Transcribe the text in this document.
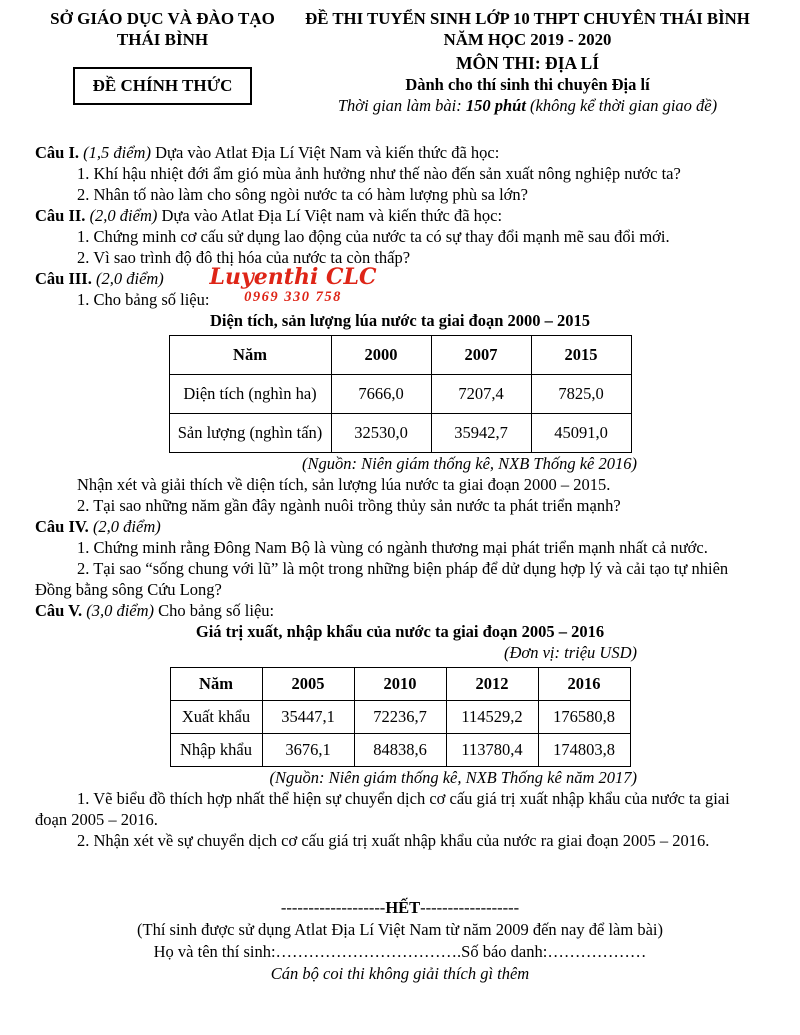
SỞ GIÁO DỤC VÀ ĐÀO TẠO
THÁI BÌNH
ĐỀ CHÍNH THỨC
ĐỀ THI TUYỂN SINH LỚP 10 THPT CHUYÊN THÁI BÌNH
NĂM HỌC 2019 - 2020
MÔN THI: ĐỊA LÍ
Dành cho thí sinh thi chuyên Địa lí
Thời gian làm bài: 150 phút (không kể thời gian giao đề)
Luyenthi CLC
0969 330 758

Câu I. (1,5 điểm) Dựa vào Atlat Địa Lí Việt Nam và kiến thức đã học:

1. Khí hậu nhiệt đới ẩm gió mùa ảnh hưởng như thế nào đến sản xuất nông nghiệp nước ta?

2. Nhân tố nào làm cho sông ngòi nước ta có hàm lượng phù sa lớn?

Câu II. (2,0 điểm) Dựa vào Atlat Địa Lí Việt nam và kiến thức đã học:

1. Chứng minh cơ cấu sử dụng lao động của nước ta có sự thay đổi mạnh mẽ sau đổi mới.

2. Vì sao trình độ đô thị hóa của nước ta còn thấp?

Câu III. (2,0 điểm)

1. Cho bảng số liệu:

Diện tích, sản lượng lúa nước ta giai đoạn 2000 – 2015

Năm	2000	2007	2015
Diện tích (nghìn ha)	7666,0	7207,4	7825,0
Sản lượng (nghìn tấn)	32530,0	35942,7	45091,0

(Nguồn: Niên giám thống kê, NXB Thống kê 2016)

Nhận xét và giải thích về diện tích, sản lượng lúa nước ta giai đoạn 2000 – 2015.

2. Tại sao những năm gần đây ngành nuôi trồng thủy sản nước ta phát triển mạnh?

Câu IV. (2,0 điểm)

1. Chứng minh rằng Đông Nam Bộ là vùng có ngành thương mại phát triển mạnh nhất cả nước.

2. Tại sao “sống chung với lũ” là một trong những biện pháp để dử dụng hợp lý và cải tạo tự nhiên Đồng bằng sông Cứu Long?

Câu V. (3,0 điểm) Cho bảng số liệu:

Giá trị xuất, nhập khẩu của nước ta giai đoạn 2005 – 2016

(Đơn vị: triệu USD)

Năm	2005	2010	2012	2016
Xuất khẩu	35447,1	72236,7	114529,2	176580,8
Nhập khẩu	3676,1	84838,6	113780,4	174803,8

(Nguồn: Niên giám thống kê, NXB Thống kê năm 2017)

1. Vẽ biểu đồ thích hợp nhất thể hiện sự chuyển dịch cơ cấu giá trị xuất nhập khẩu của nước ta giai đoạn 2005 – 2016.

2. Nhận xét về sự chuyển dịch cơ cấu giá trị xuất nhập khẩu của nước ra giai đoạn 2005 – 2016.

-------------------HẾT------------------
(Thí sinh được sử dụng Atlat Địa Lí Việt Nam từ năm 2009 đến nay để làm bài)
Họ và tên thí sinh:…………………………….Số báo danh:………………
Cán bộ coi thi không giải thích gì thêm
